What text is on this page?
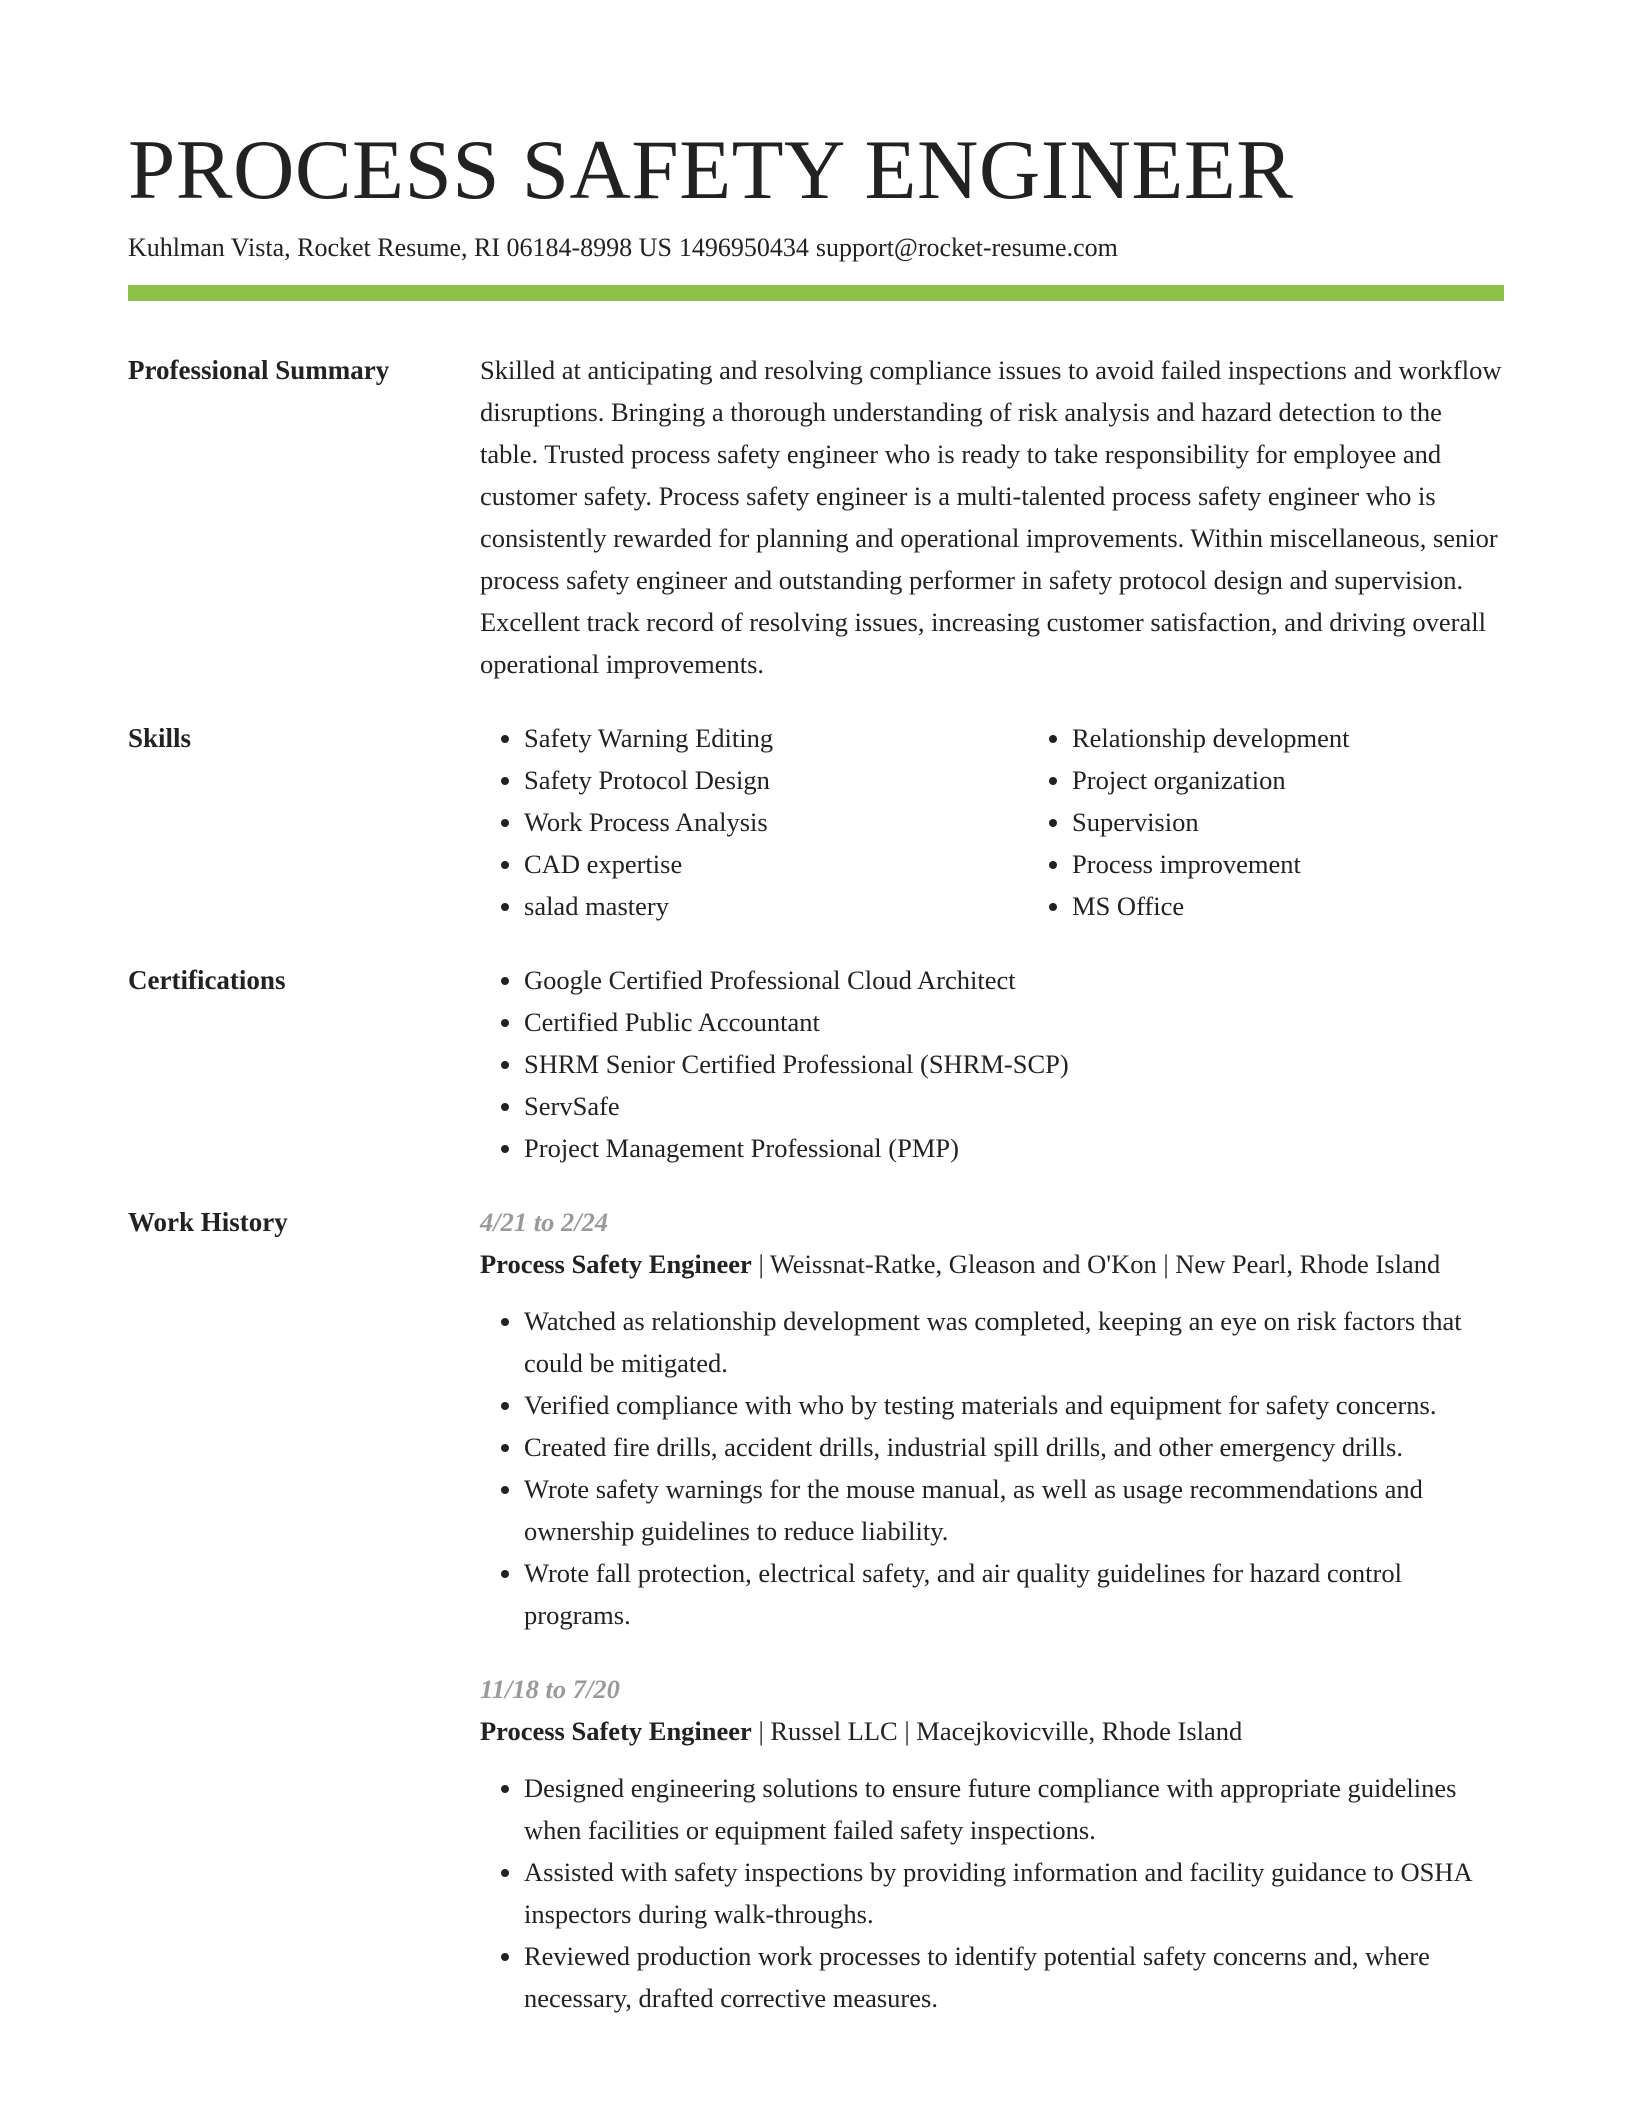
PROCESS SAFETY ENGINEER
Kuhlman Vista, Rocket Resume, RI 06184-8998 US 1496950434 support@rocket-resume.com
Professional Summary	Skilled at anticipating and resolving compliance issues to avoid failed inspections and workflow disruptions. Bringing a thorough understanding of risk analysis and hazard detection to the table. Trusted process safety engineer who is ready to take responsibility for employee and customer safety. Process safety engineer is a multi-talented process safety engineer who is consistently rewarded for planning and operational improvements. Within miscellaneous, senior process safety engineer and outstanding performer in safety protocol design and supervision. Excellent track record of resolving issues, increasing customer satisfaction, and driving overall operational improvements.

Skills	• Safety Warning Editing
• Safety Protocol Design
• Work Process Analysis
• CAD expertise
• salad mastery
• Relationship development
• Project organization
• Supervision
• Process improvement
• MS Office
Certifications	• Google Certified Professional Cloud Architect
• Certified Public Accountant
• SHRM Senior Certified Professional (SHRM-SCP)
• ServSafe
• Project Management Professional (PMP)
Work History	4/21 to 2/24
Process Safety Engineer | Weissnat-Ratke, Gleason and O'Kon | New Pearl, Rhode Island
• Watched as relationship development was completed, keeping an eye on risk factors that could be mitigated.
• Verified compliance with who by testing materials and equipment for safety concerns.
• Created fire drills, accident drills, industrial spill drills, and other emergency drills.
• Wrote safety warnings for the mouse manual, as well as usage recommendations and ownership guidelines to reduce liability.
• Wrote fall protection, electrical safety, and air quality guidelines for hazard control programs.
11/18 to 7/20
Process Safety Engineer | Russel LLC | Macejkovicville, Rhode Island
• Designed engineering solutions to ensure future compliance with appropriate guidelines when facilities or equipment failed safety inspections.
• Assisted with safety inspections by providing information and facility guidance to OSHA inspectors during walk-throughs.
• Reviewed production work processes to identify potential safety concerns and, where necessary, drafted corrective measures.
